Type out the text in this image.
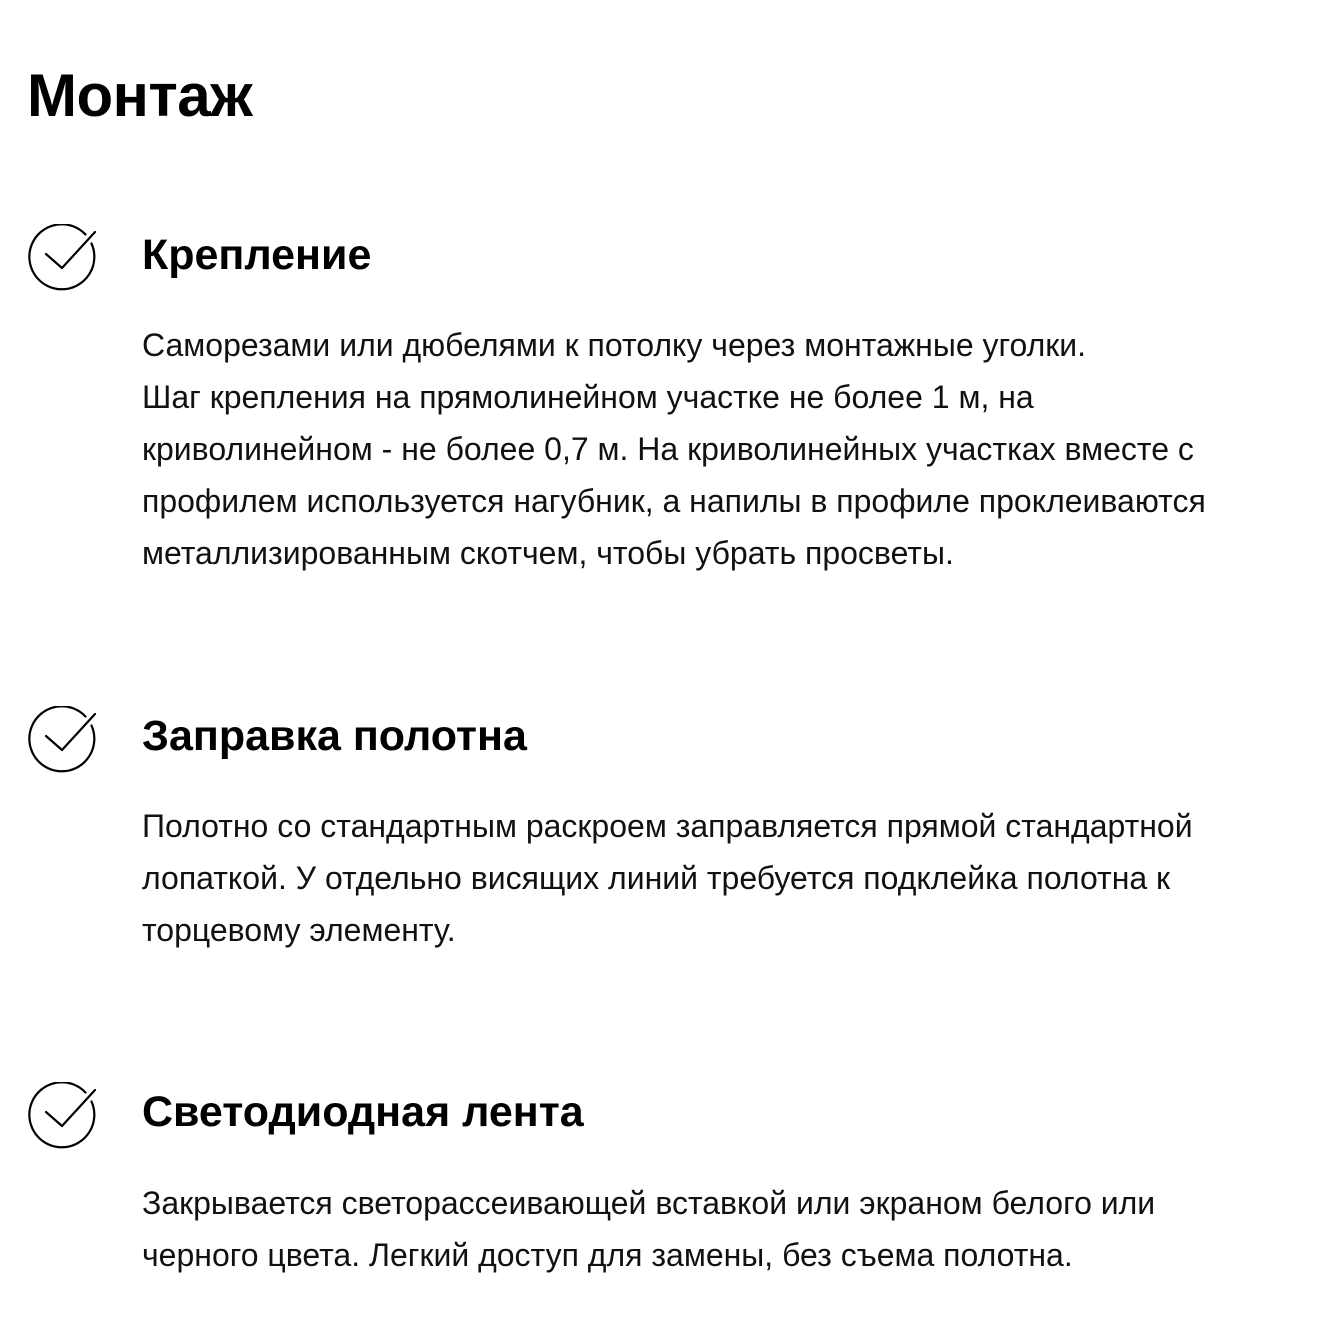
Монтаж
Крепление

Саморезами или дюбелями к потолку через монтажные уголки.
Шаг крепления на прямолинейном участке не более 1 м, на
криволинейном - не более 0,7 м. На криволинейных участках вместе с
профилем используется нагубник, а напилы в профиле проклеиваются
металлизированным скотчем, чтобы убрать просветы.

Заправка полотна

Полотно со стандартным раскроем заправляется прямой стандартной
лопаткой. У отдельно висящих линий требуется подклейка полотна к
торцевому элементу.

Светодиодная лента

Закрывается светорассеивающей вставкой или экраном белого или
черного цвета. Легкий доступ для замены, без съема полотна.
